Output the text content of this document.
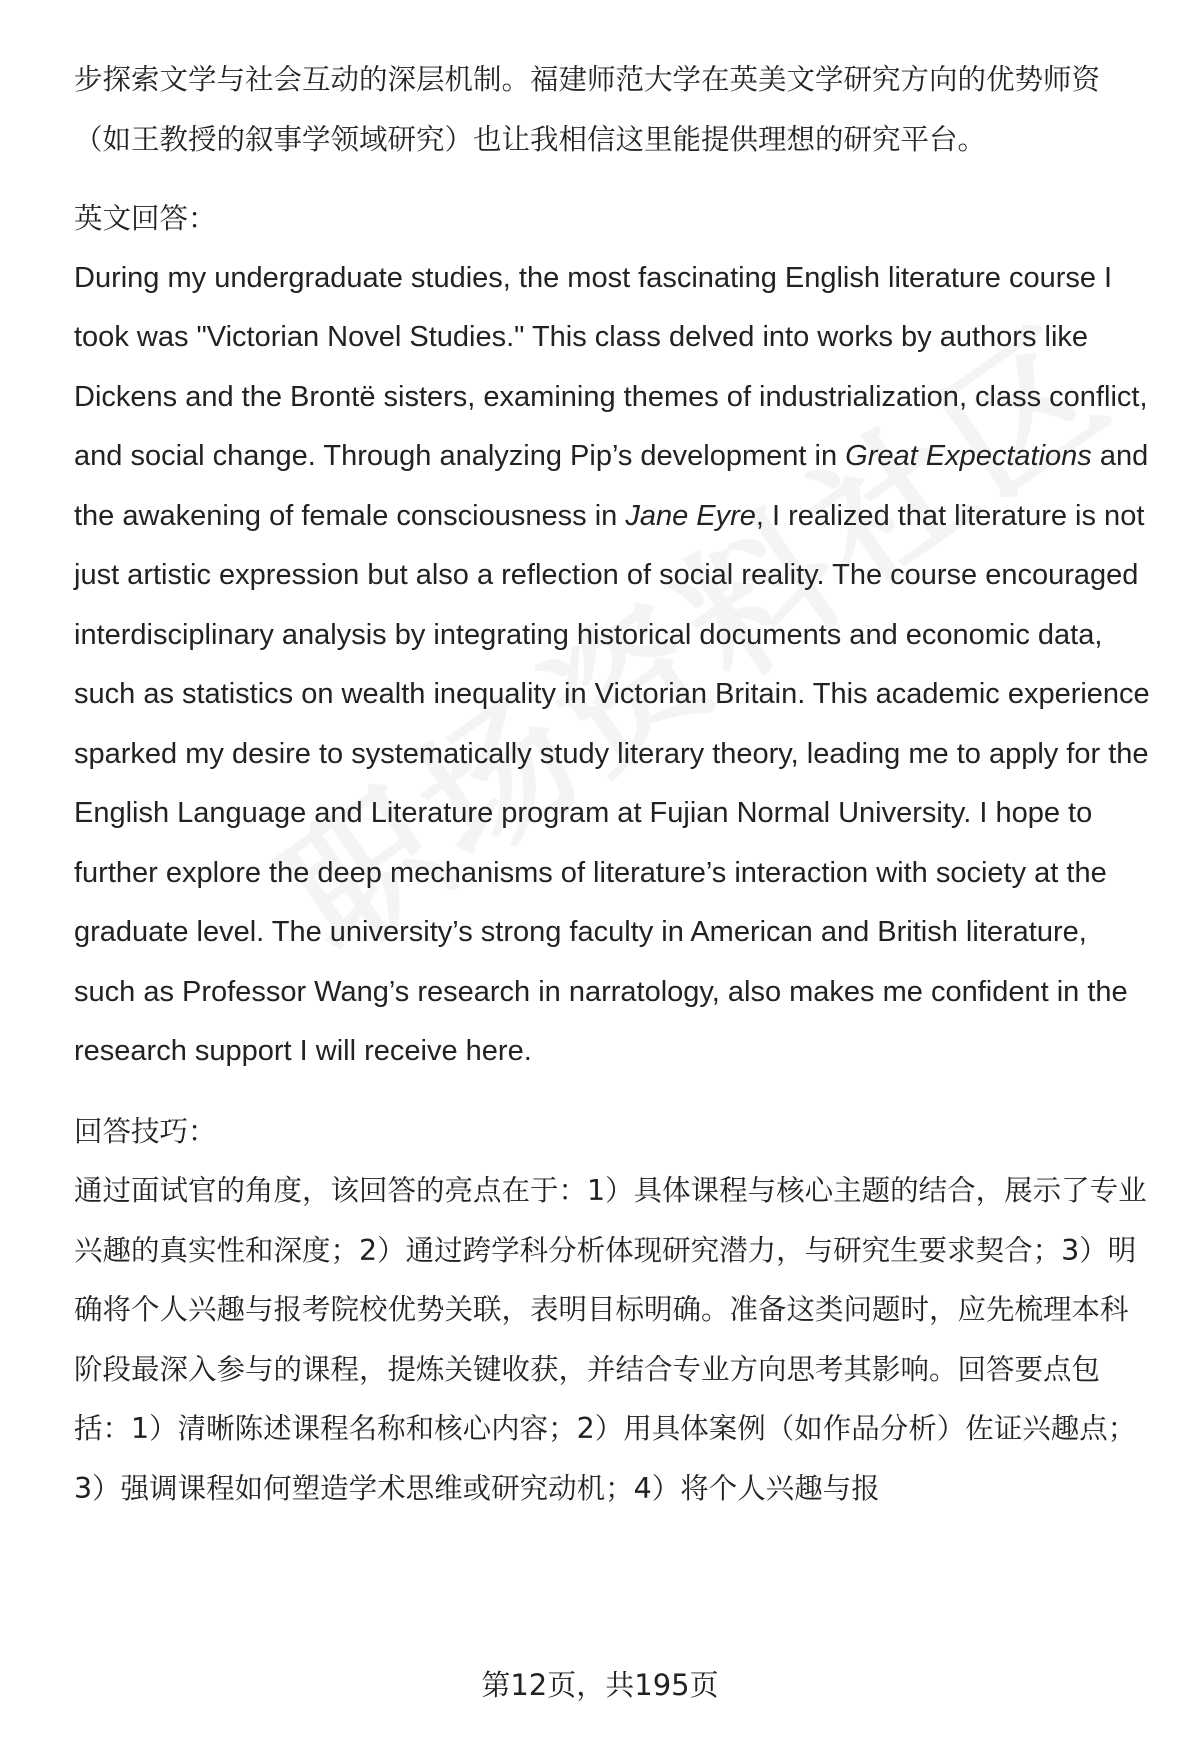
步探索文学与社会互动的深层机制。福建师范大学在英美文学研究方向的优势师资

（如王教授的叙事学领域研究）也让我相信这里能提供理想的研究平台。

英文回答：

During my undergraduate studies, the most fascinating English literature course I took was "Victorian Novel Studies." This class delved into works by authors like Dickens and the Brontë sisters, examining themes of industrialization, class conflict, and social change. Through analyzing Pip’s development in Great Expectations and the awakening of female consciousness in Jane Eyre, I realized that literature is not just artistic expression but also a reflection of social reality. The course encouraged interdisciplinary analysis by integrating historical documents and economic data, such as statistics on wealth inequality in Victorian Britain. This academic experience sparked my desire to systematically study literary theory, leading me to apply for the English Language and Literature program at Fujian Normal University. I hope to further explore the deep mechanisms of literature’s interaction with society at the graduate level. The university’s strong faculty in American and British literature, such as Professor Wang’s research in narratology, also makes me confident in the research support I will receive here.

回答技巧：

通过面试官的角度，该回答的亮点在于：1）具体课程与核心主题的结合，展示了专业兴趣的真实性和深度；2）通过跨学科分析体现研究潜力，与研究生要求契合；3）明确将个人兴趣与报考院校优势关联，表明目标明确。准备这类问题时，应先梳理本科阶段最深入参与的课程，提炼关键收获，并结合专业方向思考其影响。回答要点包括：1）清晰陈述课程名称和核心内容；2）用具体案例（如作品分析）佐证兴趣点；3）强调课程如何塑造学术思维或研究动机；4）将个人兴趣与报

第12页，共195页
